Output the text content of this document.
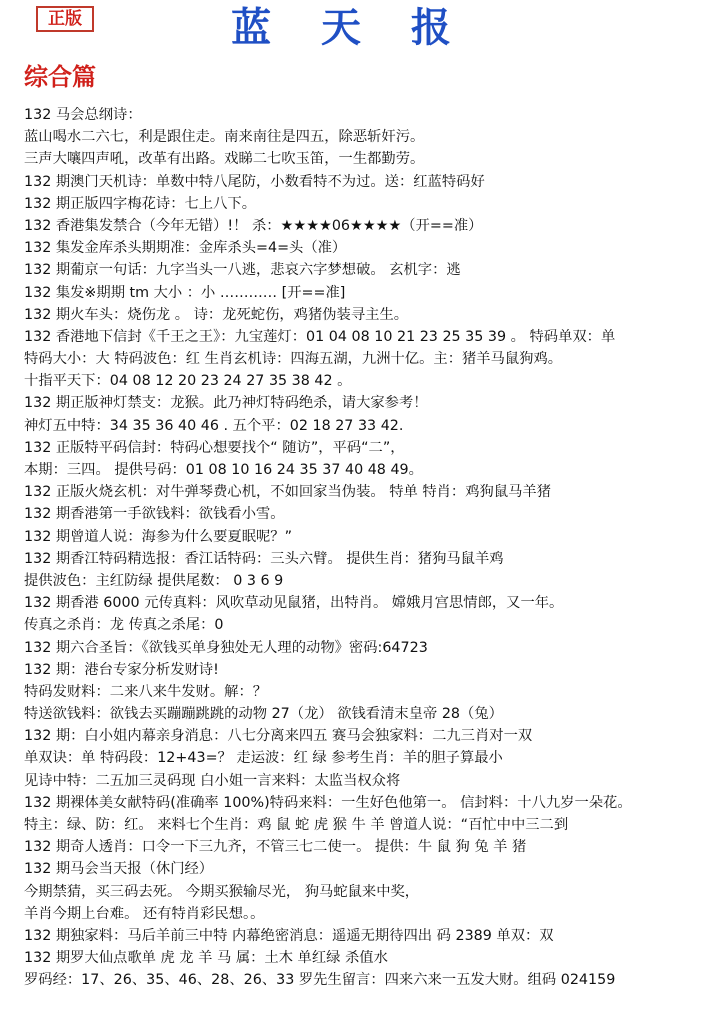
正版	蓝 天 报
综合篇
132 马会总纲诗：
蓝山喝水二六七，利是跟住走。南来南往是四五，除恶斩奸污。
三声大嚷四声吼，改革有出路。戏睇二七吹玉笛，一生都勤劳。
132 期澳门天机诗：单数中特八尾防，小数看特不为过。送：红蓝特码好
132 期正版四字梅花诗：七上八下。
132 香港集发禁合（今年无错）!！ 杀：★★★★06★★★★（开==准）
132 集发金库杀头期期准：金库杀头=4=头（准）
132 期葡京一句话：九字当头一八逃，悲哀六字梦想破。 玄机字：逃
132 集发※期期 tm 大小 ：小 ………… [开==准]
132 期火车头：烧伤龙 。 诗：龙死蛇伤，鸡猪伪装寻主生。
132 香港地下信封《千王之王》：九宝莲灯：01 04 08 10 21 23 25 35 39 。 特码单双：单
特码大小：大 特码波色：红 生肖玄机诗：四海五湖，九洲十亿。主：猪羊马鼠狗鸡。
十指平天下：04 08 12 20 23 24 27 35 38 42 。
132 期正版神灯禁支：龙猴。此乃神灯特码绝杀，请大家参考！
神灯五中特：34 35 36 40 46 . 五个平：02 18 27 33 42.
132 正版特平码信封：特码心想要找个“ 随访”，平码“二”，
本期：三四。 提供号码：01 08 10 16 24 35 37 40 48 49。
132 正版火烧玄机：对牛弹琴费心机，不如回家当伪装。 特单 特肖：鸡狗鼠马羊猪
132 期香港第一手欲钱料：欲钱看小雪。
132 期曾道人说：海参为什么要夏眠呢？”
132 期香江特码精选报：香江话特码：三头六臂。 提供生肖：猪狗马鼠羊鸡
提供波色：主红防绿 提供尾数： 0 3 6 9
132 期香港 6000 元传真料：风吹草动见鼠猪，出特肖。 嫦娥月宫思情郎，又一年。
传真之杀肖：龙 传真之杀尾：0
132 期六合圣旨：《欲钱买单身独处无人理的动物》密码:64723
132 期：港台专家分析发财诗!
特码发财料：二来八来牛发财。解：？
特送欲钱料：欲钱去买蹦蹦跳跳的动物 27（龙） 欲钱看清末皇帝 28（兔）
132 期：白小姐内幕亲身消息：八七分离来四五 赛马会独家料：二九三肖对一双
单双诀：单 特码段：12+43=？ 走运波：红 绿 参考生肖：羊的胆子算最小
见诗中特：二五加三灵码现 白小姐一言来料：太监当权众将
132 期裸体美女献特码(准确率 100%)特码来料：一生好色他第一。 信封料：十八九岁一朵花。
特主：绿、防：红。 来料七个生肖：鸡 鼠 蛇 虎 猴 牛 羊 曾道人说：“百忙中中三二到
132 期奇人透肖：口令一下三九齐，不管三七二使一。 提供：牛 鼠 狗 兔 羊 猪
132 期马会当天报（休门经）
今期禁猜，买三码去死。 今期买猴输尽光， 狗马蛇鼠来中奖，
羊肖今期上台难。 还有特肖彩民想。。
132 期独家料：马后羊前三中特 内幕绝密消息：遥遥无期待四出 码 2389 单双：双
132 期罗大仙点歌单 虎 龙 羊 马 属：土木 单红绿 杀值水
罗码经：17、26、35、46、28、26、33 罗先生留言：四来六来一五发大财。组码 024159
